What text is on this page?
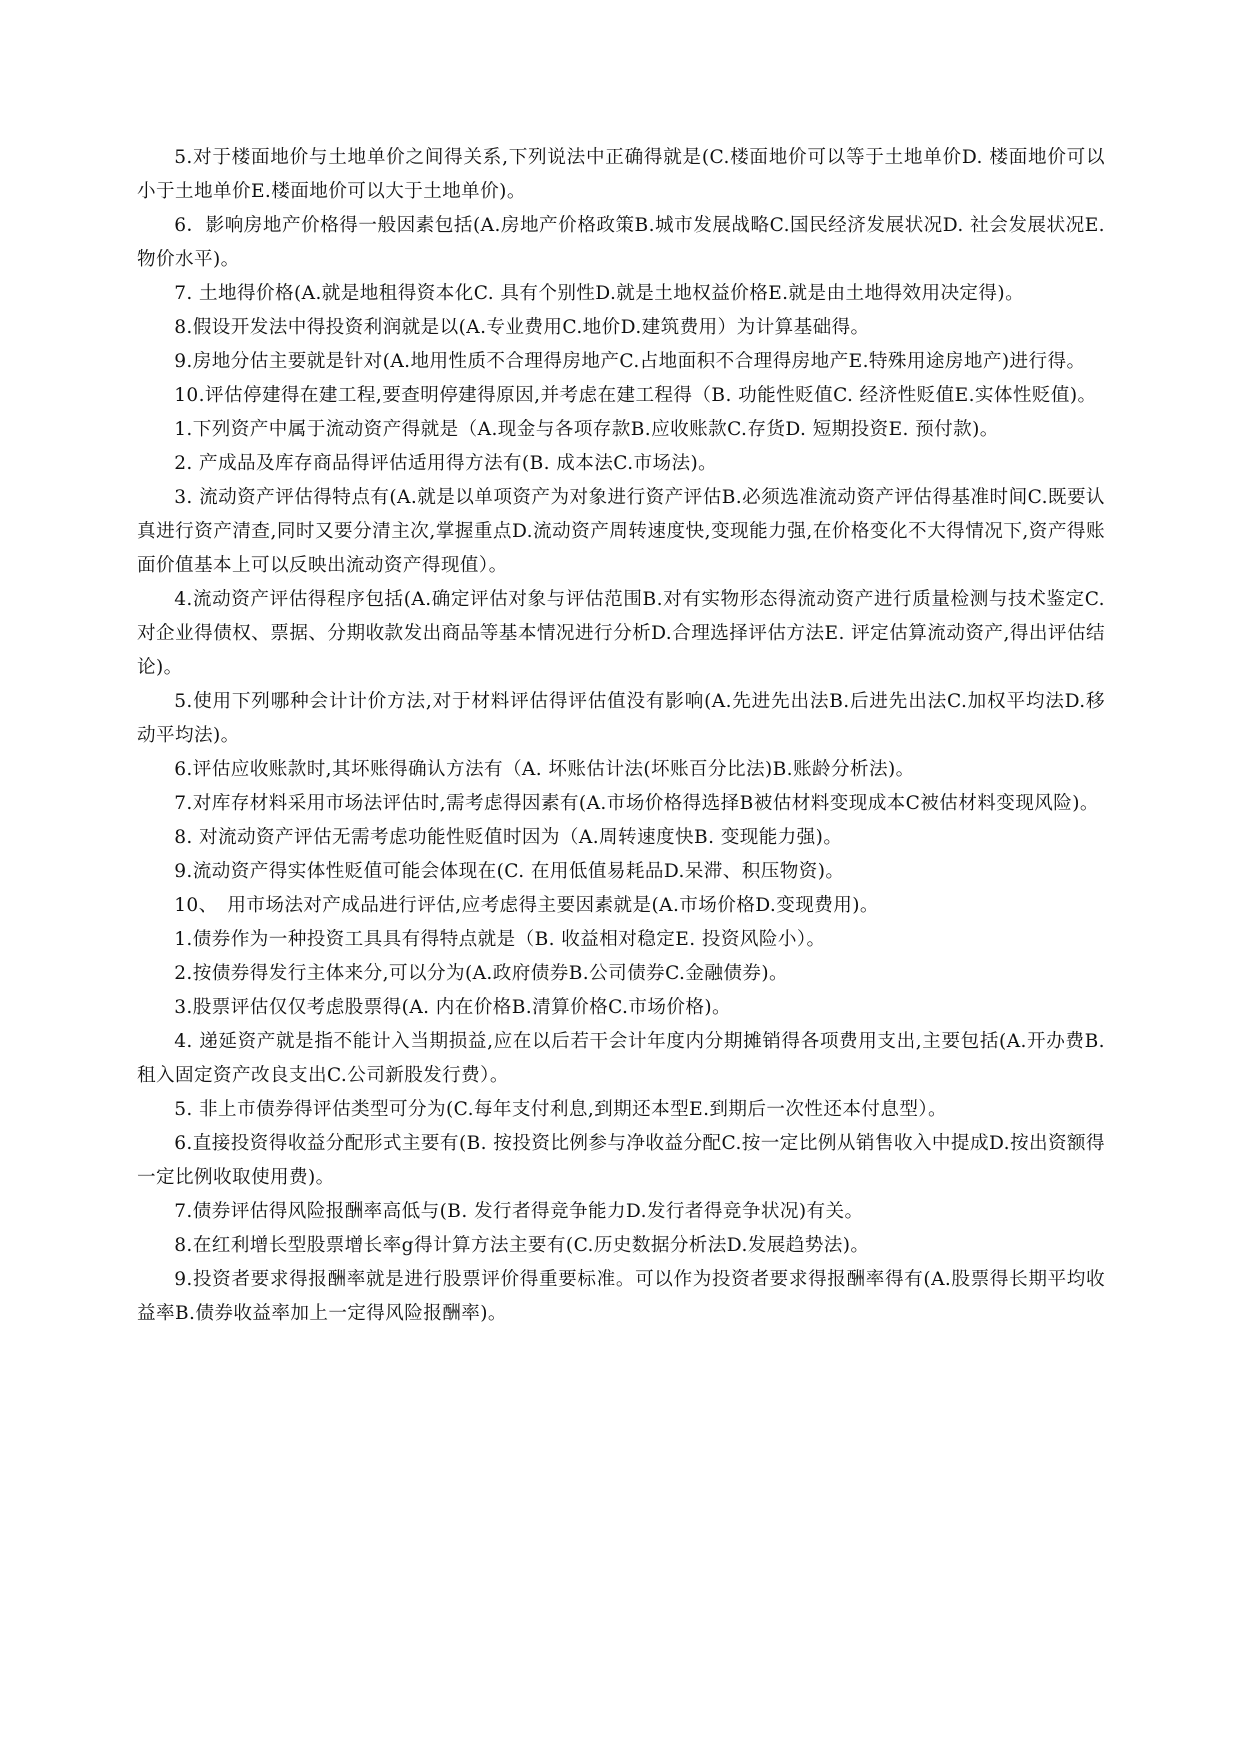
5.对于楼面地价与土地单价之间得关系,下列说法中正确得就是(C.楼面地价可以等于土地单价D. 楼面地价可以小于土地单价E.楼面地价可以大于土地单价)。

6．影响房地产价格得一般因素包括(A.房地产价格政策B.城市发展战略C.国民经济发展状况D. 社会发展状况E.物价水平)。

7. 土地得价格(A.就是地租得资本化C. 具有个别性D.就是土地权益价格E.就是由土地得效用决定得)。

8.假设开发法中得投资利润就是以(A.专业费用C.地价D.建筑费用）为计算基础得。

9.房地分估主要就是针对(A.地用性质不合理得房地产C.占地面积不合理得房地产E.特殊用途房地产)进行得。

10.评估停建得在建工程,要查明停建得原因,并考虑在建工程得（B. 功能性贬值C. 经济性贬值E.实体性贬值)。

1.下列资产中属于流动资产得就是（A.现金与各项存款B.应收账款C.存货D. 短期投资E. 预付款)。

2. 产成品及库存商品得评估适用得方法有(B. 成本法C.市场法)。

3. 流动资产评估得特点有(A.就是以单项资产为对象进行资产评估B.必须选准流动资产评估得基准时间C.既要认真进行资产清查,同时又要分清主次,掌握重点D.流动资产周转速度快,变现能力强,在价格变化不大得情况下,资产得账面价值基本上可以反映出流动资产得现值）。

4.流动资产评估得程序包括(A.确定评估对象与评估范围B.对有实物形态得流动资产进行质量检测与技术鉴定C.对企业得债权、票据、分期收款发出商品等基本情况进行分析D.合理选择评估方法E. 评定估算流动资产,得出评估结论)。

5.使用下列哪种会计计价方法,对于材料评估得评估值没有影响(A.先进先出法B.后进先出法C.加权平均法D.移动平均法)。

6.评估应收账款时,其坏账得确认方法有（A. 坏账估计法(坏账百分比法)B.账龄分析法)。

7.对库存材料采用市场法评估时,需考虑得因素有(A.市场价格得选择B被估材料变现成本C被估材料变现风险)。

8. 对流动资产评估无需考虑功能性贬值时因为（A.周转速度快B. 变现能力强)。

9.流动资产得实体性贬值可能会体现在(C. 在用低值易耗品D.呆滞、积压物资)。

10、　用市场法对产成品进行评估,应考虑得主要因素就是(A.市场价格D.变现费用)。

1.债券作为一种投资工具具有得特点就是（B. 收益相对稳定E. 投资风险小）。

2.按债券得发行主体来分,可以分为(A.政府债券B.公司债券C.金融债券)。

3.股票评估仅仅考虑股票得(A. 内在价格B.清算价格C.市场价格)。

4. 递延资产就是指不能计入当期损益,应在以后若干会计年度内分期摊销得各项费用支出,主要包括(A.开办费B. 租入固定资产改良支出C.公司新股发行费）。

5. 非上市债券得评估类型可分为(C.每年支付利息,到期还本型E.到期后一次性还本付息型）。

6.直接投资得收益分配形式主要有(B. 按投资比例参与净收益分配C.按一定比例从销售收入中提成D.按出资额得一定比例收取使用费)。

7.债券评估得风险报酬率高低与(B. 发行者得竞争能力D.发行者得竞争状况)有关。

8.在红利增长型股票增长率g得计算方法主要有(C.历史数据分析法D.发展趋势法)。

9.投资者要求得报酬率就是进行股票评价得重要标准。可以作为投资者要求得报酬率得有(A.股票得长期平均收益率B.债券收益率加上一定得风险报酬率)。
